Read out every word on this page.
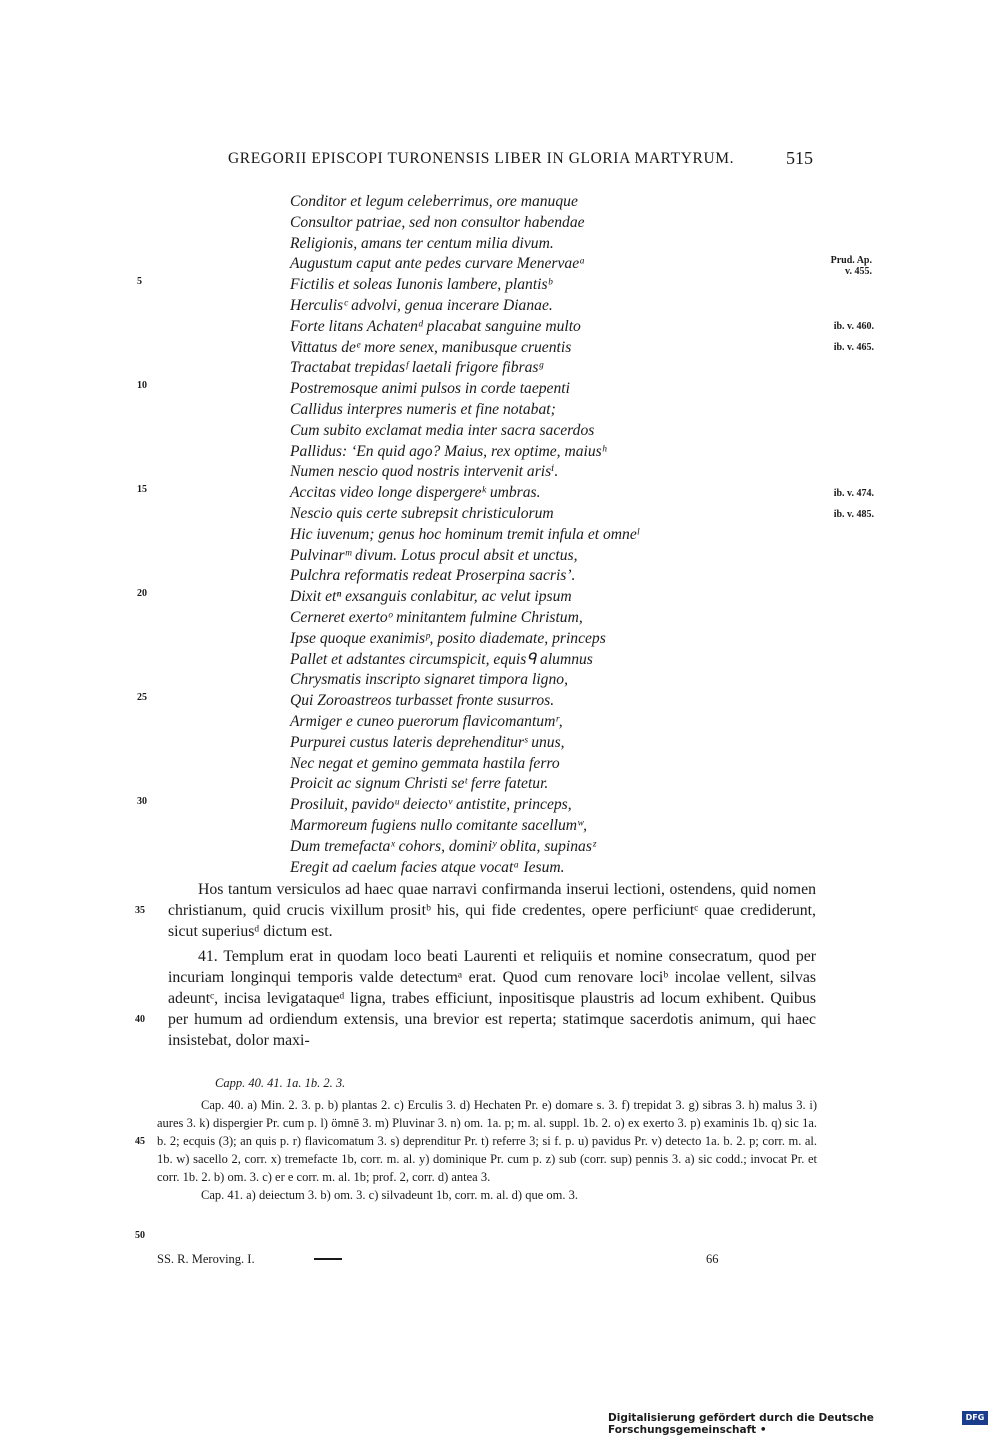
GREGORII EPISCOPI TURONENSIS LIBER IN GLORIA MARTYRUM.	515
Conditor et legum celeberrimus, ore manuque
Consultor patriae, sed non consultor habendae
Religionis, amans ter centum milia divum.
Augustum caput ante pedes curvare Menervaeᵃ
Fictilis et soleas Iunonis lambere, plantisᵇ
Herculisᶜ advolvi, genua incerare Dianae.
Forte litans Achatenᵈ placabat sanguine multo
Vittatus deᵉ more senex, manibusque cruentis
Tractabat trepidasᶠ laetali frigore fibrasᵍ
Postremosque animi pulsos in corde taepenti
Callidus interpres numeris et fine notabat;
Cum subito exclamat media inter sacra sacerdos
Pallidus: ‘En quid ago? Maius, rex optime, maiusʰ
Numen nescio quod nostris intervenit arisⁱ.
Accitas video longe dispergereᵏ umbras.
Nescio quis certe subrepsit christiculorum
Hic iuvenum; genus hoc hominum tremit infula et omneˡ
Pulvinarᵐ divum. Lotus procul absit et unctus,
Pulchra reformatis redeat Proserpina sacris’.
Dixit etⁿ exsanguis conlabitur, ac velut ipsum
Cerneret exertoᵒ minitantem fulmine Christum,
Ipse quoque exanimisᵖ, posito diademate, princeps
Pallet et adstantes circumspicit, equisᑫ alumnus
Chrysmatis inscripto signaret timpora ligno,
Qui Zoroastreos turbasset fronte susurros.
Armiger e cuneo puerorum flavicomantumʳ,
Purpurei custus lateris deprehenditurˢ unus,
Nec negat et gemino gemmata hastila ferro
Proicit ac signum Christi seᵗ ferre fatetur.
Prosiluit, pavidoᵘ deiectoᵛ antistite, princeps,
Marmoreum fugiens nullo comitante sacellumʷ,
Dum tremefactaˣ cohors, dominiʸ oblita, supinasᶻ
Eregit ad caelum facies atque vocatᵃ Iesum.
5
10
15
20
25
30
Prud. Ap.
v. 455.
ib. v. 460.
ib. v. 465.
ib. v. 474.
ib. v. 485.
Hos tantum versiculos ad haec quae narravi confirmanda inserui lectioni, ostendens, quid nomen christianum, quid crucis vixillum prositᵇ his, qui fide credentes, opere perficiuntᶜ quae crediderunt, sicut superiusᵈ dictum est.
41. Templum erat in quodam loco beati Laurenti et reliquiis et nomine consecratum, quod per incuriam longinqui temporis valde detectumᵃ erat. Quod cum renovare lociᵇ incolae vellent, silvas adeuntᶜ, incisa levigataqueᵈ ligna, trabes efficiunt, inpositisque plaustris ad locum exhibent. Quibus per humum ad ordiendum extensis, una brevior est reperta; statimque sacerdotis animum, qui haec insistebat, dolor maxi-
35
40
Capp. 40. 41. 1a. 1b. 2. 3.
Cap. 40. a) Min. 2. 3. p. b) plantas 2. c) Erculis 3. d) Hechaten Pr. e) domare s. 3. f) trepidat 3. g) sibras 3. h) malus 3. i) aures 3. k) dispergier Pr. cum p. l) ömnē 3. m) Pluvinar 3. n) om. 1a. p; m. al. suppl. 1b. 2. o) ex exerto 3. p) examinis 1b. q) sic 1a. b. 2; ecquis (3); an quis p. r) flavicomatum 3. s) deprenditur Pr. t) referre 3; si f. p. u) pavidus Pr. v) detecto 1a. b. 2. p; corr. m. al. 1b. w) sacello 2, corr. x) tremefacte 1b, corr. m. al. y) dominique Pr. cum p. z) sub (corr. sup) pennis 3. a) sic codd.; invocat Pr. et corr. 1b. 2. b) om. 3. c) er e corr. m. al. 1b; prof. 2, corr. d) antea 3.
Cap. 41. a) deiectum 3. b) om. 3. c) silvadeunt 1b, corr. m. al. d) que om. 3.
45
50
SS. R. Meroving. I.	66
Digitalisierung gefördert durch die Deutsche Forschungsgemeinschaft •
DFG
